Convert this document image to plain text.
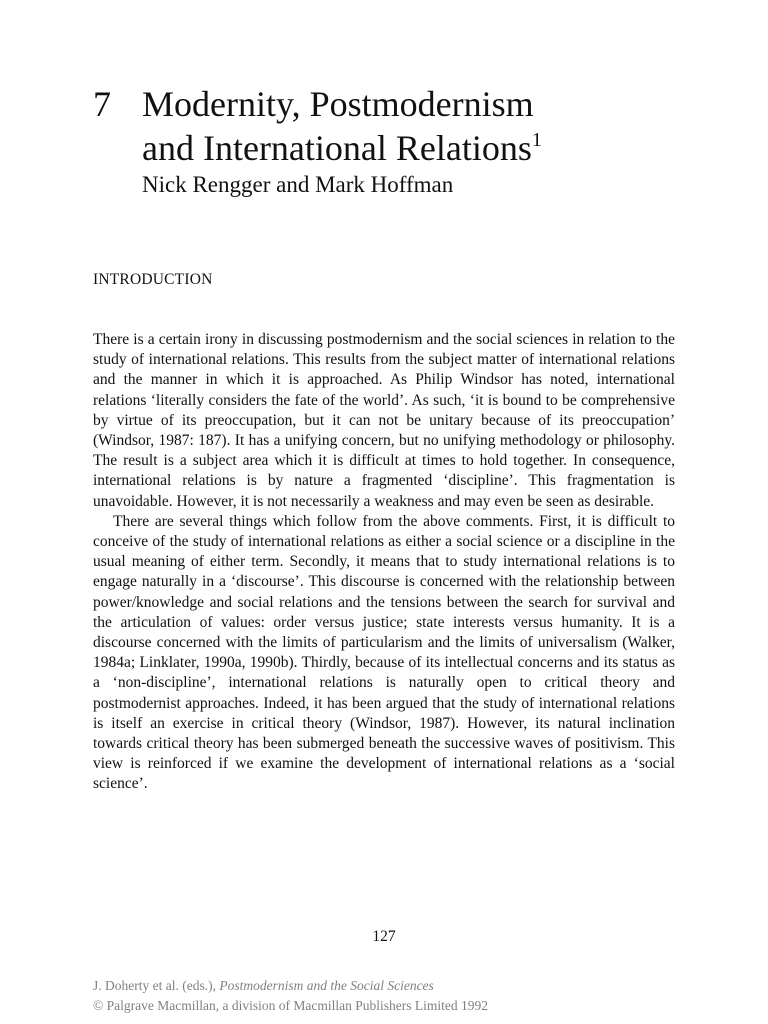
7 Modernity, Postmodernism
and International Relations$^1$
Nick Rengger and Mark Hoffman
INTRODUCTION

There is a certain irony in discussing postmodernism and the social sciences in relation to the study of international relations. This results from the subject matter of international relations and the manner in which it is approached. As Philip Windsor has noted, international relations ‘literally considers the fate of the world’. As such, ‘it is bound to be comprehensive by virtue of its preoccupation, but it can not be unitary because of its preoccupation’ (Windsor, 1987: 187). It has a unifying concern, but no unifying methodology or philosophy. The result is a subject area which it is difficult at times to hold together. In consequence, international relations is by nature a fragmented ‘discipline’. This fragmentation is unavoidable. However, it is not necessarily a weakness and may even be seen as desirable.

There are several things which follow from the above comments. First, it is difficult to conceive of the study of international relations as either a social science or a discipline in the usual meaning of either term. Secondly, it means that to study international relations is to engage naturally in a ‘discourse’. This discourse is concerned with the relationship between power/knowledge and social relations and the tensions between the search for survival and the articulation of values: order versus justice; state interests versus humanity. It is a discourse concerned with the limits of particularism and the limits of universalism (Walker, 1984a; Linklater, 1990a, 1990b). Thirdly, because of its intellectual concerns and its status as a ‘non-discipline’, international relations is naturally open to critical theory and postmodernist approaches. Indeed, it has been argued that the study of international relations is itself an exercise in critical theory (Windsor, 1987). However, its natural inclination towards critical theory has been submerged beneath the successive waves of positivism. This view is reinforced if we examine the development of international relations as a ‘social science’.

127
J. Doherty et al. (eds.), Postmodernism and the Social Sciences
© Palgrave Macmillan, a division of Macmillan Publishers Limited 1992
